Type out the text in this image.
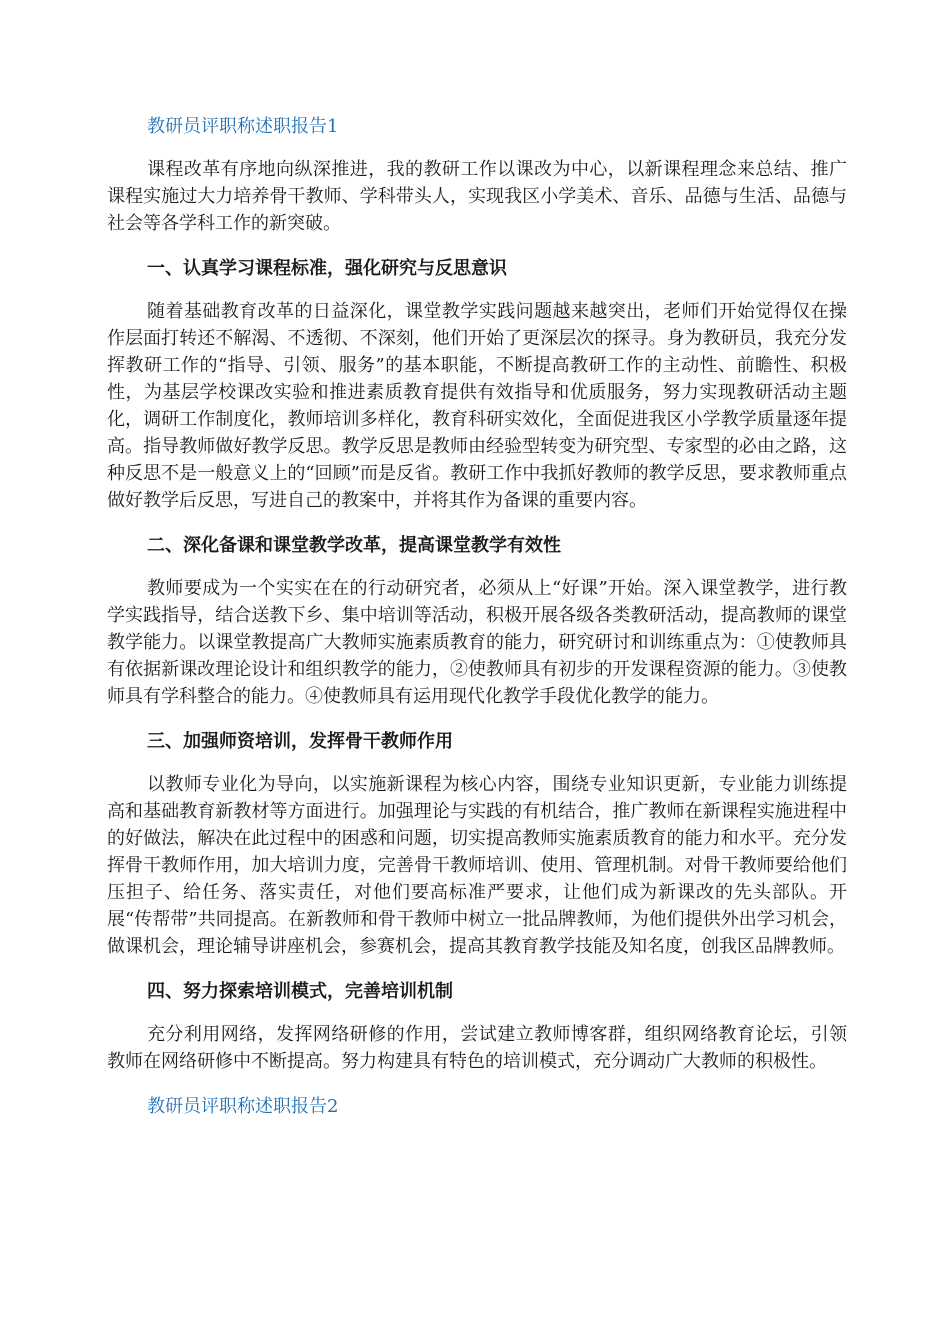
教研员评职称述职报告1

课程改革有序地向纵深推进，我的教研工作以课改为中心，以新课程理念来总结、推广课程实施过大力培养骨干教师、学科带头人，实现我区小学美术、音乐、品德与生活、品德与社会等各学科工作的新突破。

一、认真学习课程标准，强化研究与反思意识

随着基础教育改革的日益深化，课堂教学实践问题越来越突出，老师们开始觉得仅在操作层面打转还不解渴、不透彻、不深刻，他们开始了更深层次的探寻。身为教研员，我充分发挥教研工作的“指导、引领、服务”的基本职能，不断提高教研工作的主动性、前瞻性、积极性，为基层学校课改实验和推进素质教育提供有效指导和优质服务，努力实现教研活动主题化，调研工作制度化，教师培训多样化，教育科研实效化，全面促进我区小学教学质量逐年提高。指导教师做好教学反思。教学反思是教师由经验型转变为研究型、专家型的必由之路，这种反思不是一般意义上的“回顾”而是反省。教研工作中我抓好教师的教学反思，要求教师重点做好教学后反思，写进自己的教案中，并将其作为备课的重要内容。

二、深化备课和课堂教学改革，提高课堂教学有效性

教师要成为一个实实在在的行动研究者，必须从上“好课”开始。深入课堂教学，进行教学实践指导，结合送教下乡、集中培训等活动，积极开展各级各类教研活动，提高教师的课堂教学能力。以课堂教提高广大教师实施素质教育的能力，研究研讨和训练重点为：①使教师具有依据新课改理论设计和组织教学的能力，②使教师具有初步的开发课程资源的能力。③使教师具有学科整合的能力。④使教师具有运用现代化教学手段优化教学的能力。

三、加强师资培训，发挥骨干教师作用

以教师专业化为导向，以实施新课程为核心内容，围绕专业知识更新，专业能力训练提高和基础教育新教材等方面进行。加强理论与实践的有机结合，推广教师在新课程实施进程中的好做法，解决在此过程中的困惑和问题，切实提高教师实施素质教育的能力和水平。充分发挥骨干教师作用，加大培训力度，完善骨干教师培训、使用、管理机制。对骨干教师要给他们压担子、给任务、落实责任，对他们要高标准严要求，让他们成为新课改的先头部队。开展“传帮带”共同提高。在新教师和骨干教师中树立一批品牌教师，为他们提供外出学习机会，做课机会，理论辅导讲座机会，参赛机会，提高其教育教学技能及知名度，创我区品牌教师。

四、努力探索培训模式，完善培训机制

充分利用网络，发挥网络研修的作用，尝试建立教师博客群，组织网络教育论坛，引领教师在网络研修中不断提高。努力构建具有特色的培训模式，充分调动广大教师的积极性。

教研员评职称述职报告2
